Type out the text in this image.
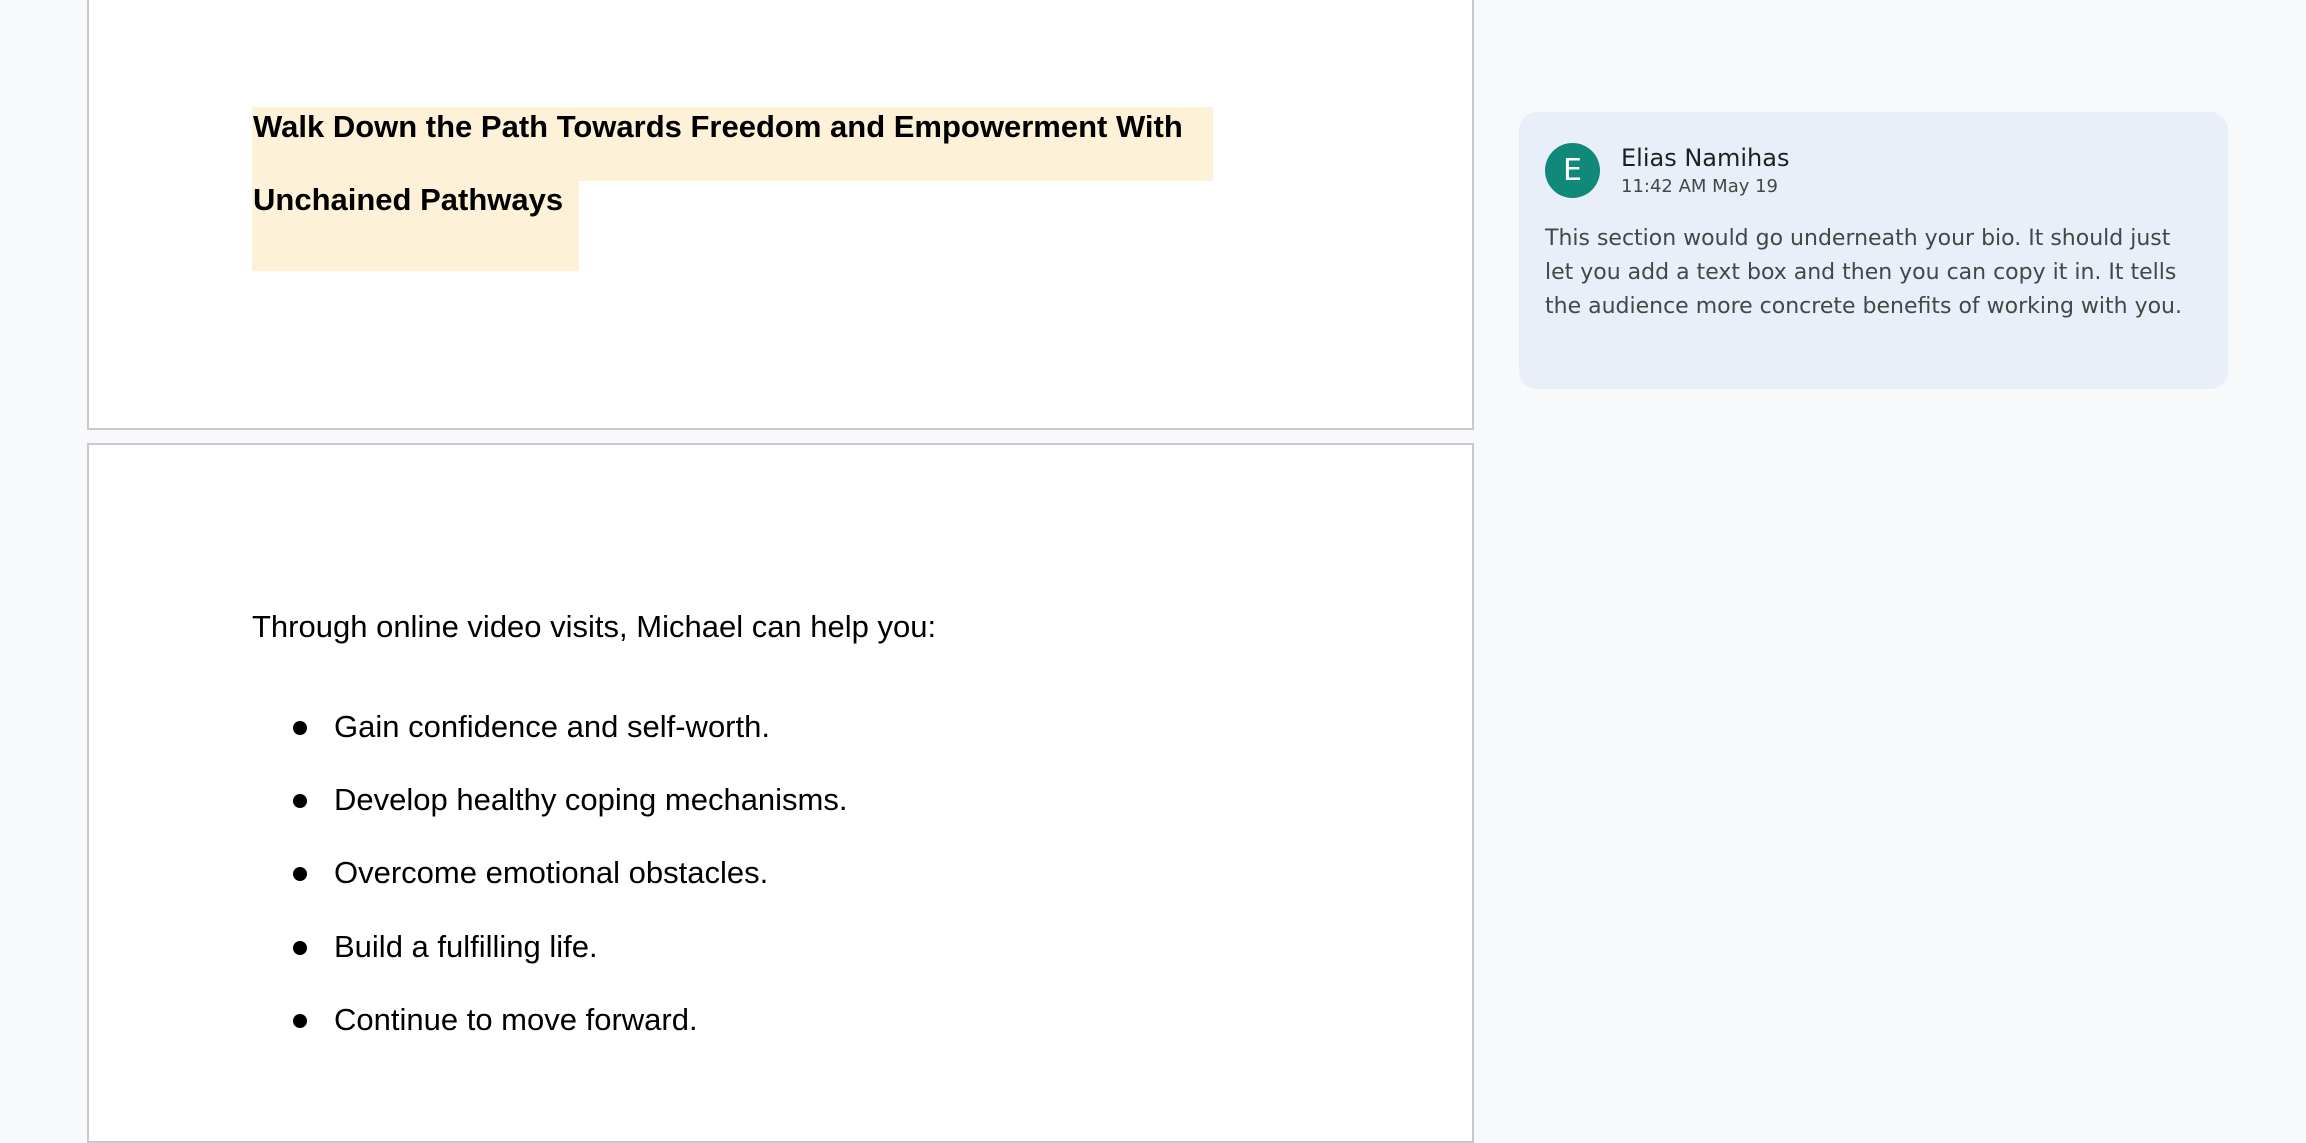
Walk Down the Path Towards Freedom and Empowerment With
Unchained Pathways

Through online video visits, Michael can help you:

Gain confidence and self-worth.
Develop healthy coping mechanisms.
Overcome emotional obstacles.
Build a fulfilling life.
Continue to move forward.
E	Elias Namihas
11:42 AM May 19

This section would go underneath your bio. It should just let you add a text box and then you can copy it in. It tells the audience more concrete benefits of working with you.
